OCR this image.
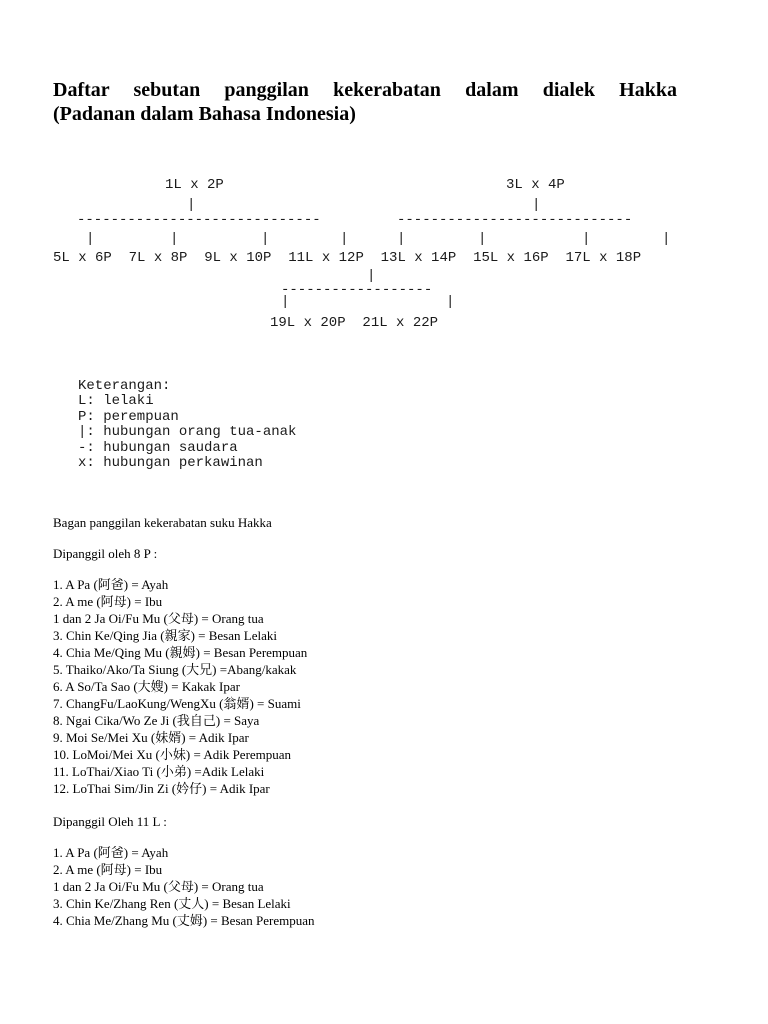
Daftar sebutan panggilan kekerabatan dalam dialek Hakka
(Padanan dalam Bahasa Indonesia)
1L x 2P	3L x 4P
|	|
-----------------------------	----------------------------
|	|	|	|	|	|	|	|
5L x 6P  7L x 8P  9L x 10P  11L x 12P  13L x 14P  15L x 16P  17L x 18P
|
------------------
|	|
19L x 20P  21L x 22P
Keterangan:
L: lelaki
P: perempuan
|: hubungan orang tua-anak
-: hubungan saudara
x: hubungan perkawinan
Bagan panggilan kekerabatan suku Hakka
Dipanggil oleh 8 P :
1. A Pa (阿爸) = Ayah
2. A me (阿母) = Ibu
1 dan 2 Ja Oi/Fu Mu (父母) = Orang tua
3. Chin Ke/Qing Jia (親家) = Besan Lelaki
4. Chia Me/Qing Mu (親姆) = Besan Perempuan
5. Thaiko/Ako/Ta Siung (大兄) =Abang/kakak
6. A So/Ta Sao (大嫂) = Kakak Ipar
7. ChangFu/LaoKung/WengXu (翁婿) = Suami
8. Ngai Cika/Wo Ze Ji (我自己) = Saya
9. Moi Se/Mei Xu (妹婿) = Adik Ipar
10. LoMoi/Mei Xu (小妹) = Adik Perempuan
11. LoThai/Xiao Ti (小弟) =Adik Lelaki
12. LoThai Sim/Jin Zi (妗仔) = Adik Ipar
Dipanggil Oleh 11 L :
1. A Pa (阿爸) = Ayah
2. A me (阿母) = Ibu
1 dan 2 Ja Oi/Fu Mu (父母) = Orang tua
3. Chin Ke/Zhang Ren (丈人) = Besan Lelaki
4. Chia Me/Zhang Mu (丈姆) = Besan Perempuan
